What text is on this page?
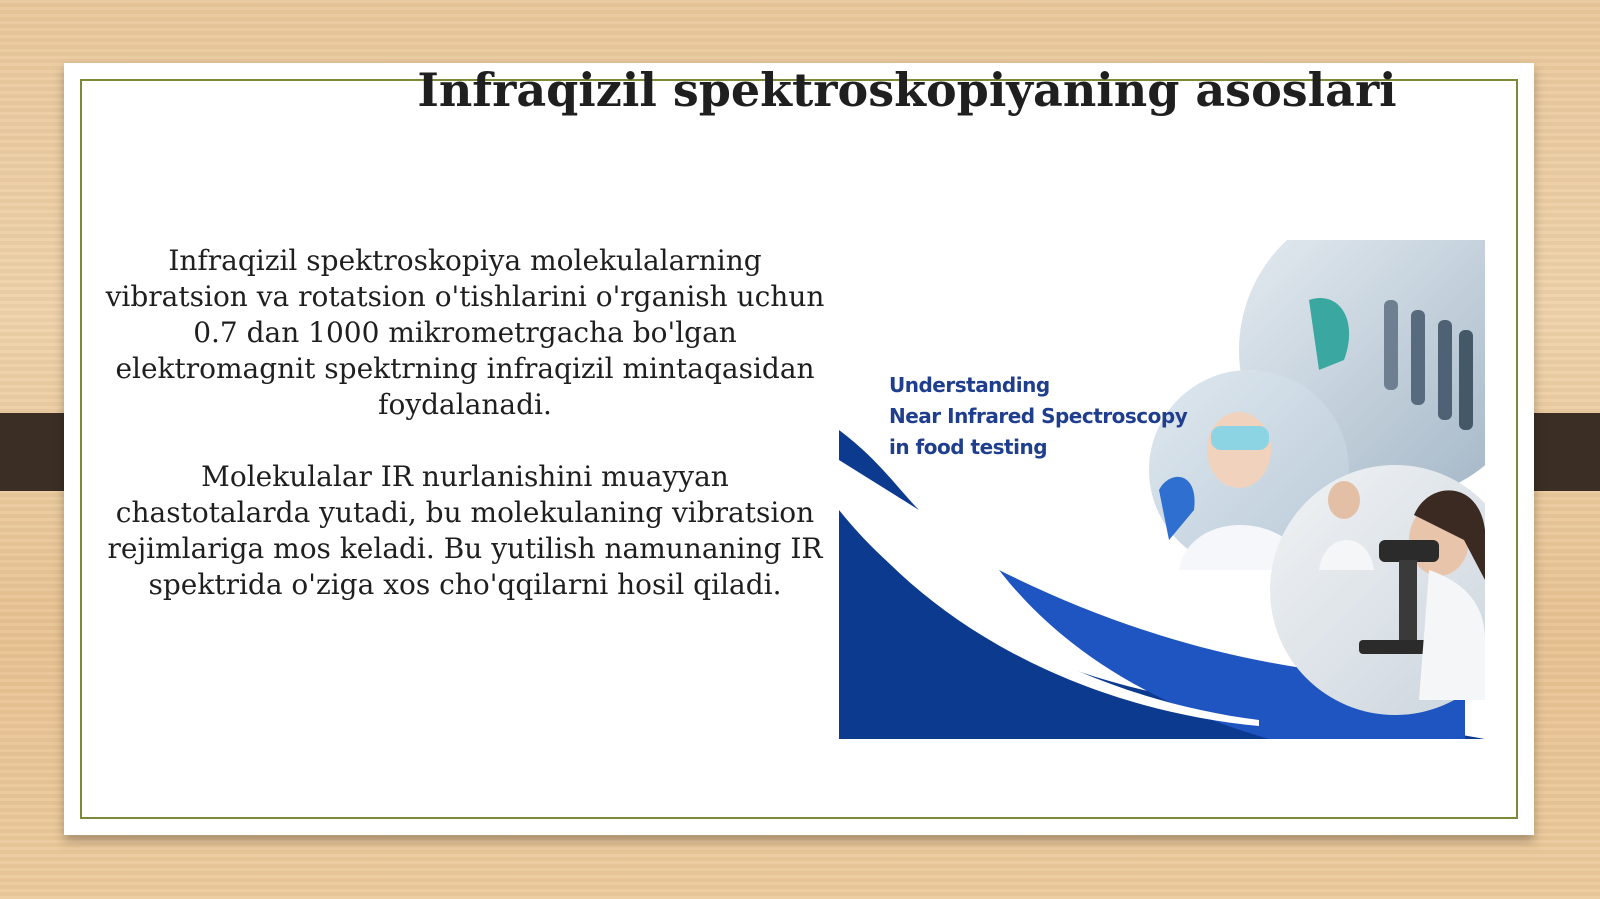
Infraqizil spektroskopiyaning asoslari

Infraqizil spektroskopiya molekulalarning vibratsion va rotatsion o'tishlarini o'rganish uchun 0.7 dan 1000 mikrometrgacha bo'lgan elektromagnit spektrning infraqizil mintaqasidan foydalanadi.

Molekulalar IR nurlanishini muayyan chastotalarda yutadi, bu molekulaning vibratsion rejimlariga mos keladi. Bu yutilish namunaning IR spektrida o'ziga xos cho'qqilarni hosil qiladi.

Understanding
Near Infrared Spectroscopy
in food testing
